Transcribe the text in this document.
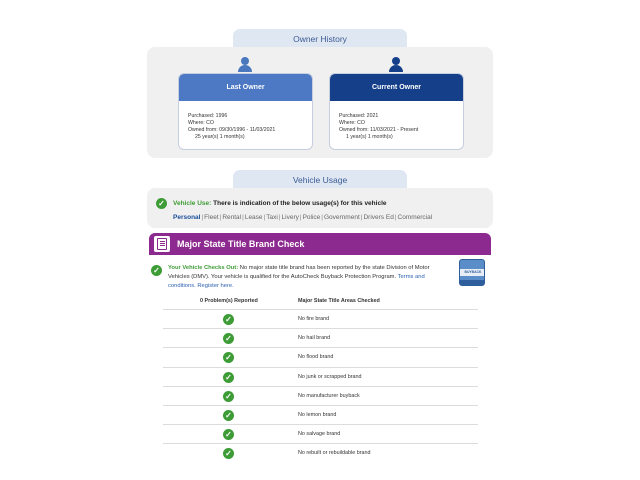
Owner History
Last Owner
Purchased: 1996
Where: CO
Owned from: 09/30/1996 - 11/03/2021
25 year(s) 1 month(s)
Current Owner
Purchased: 2021
Where: CO
Owned from: 11/03/2021 - Present
1 year(s) 1 month(s)
Vehicle Usage
✓	Vehicle Use: There is indication of the below usage(s) for this vehicle
Personal|Fleet|Rental|Lease|Taxi|Livery|Police|Government|Drivers Ed|Commercial
Major State Title Brand Check
✓	Your Vehicle Checks Out: No major state title brand has been reported by the state Division of Motor Vehicles (DMV). Your vehicle is qualified for the AutoCheck Buyback Protection Program. Terms and conditions. Register here.
BUYBACK
0 Problem(s) Reported	Major State Title Areas Checked
✓	No fire brand
✓	No hail brand
✓	No flood brand
✓	No junk or scrapped brand
✓	No manufacturer buyback
✓	No lemon brand
✓	No salvage brand
✓	No rebuilt or rebuildable brand
